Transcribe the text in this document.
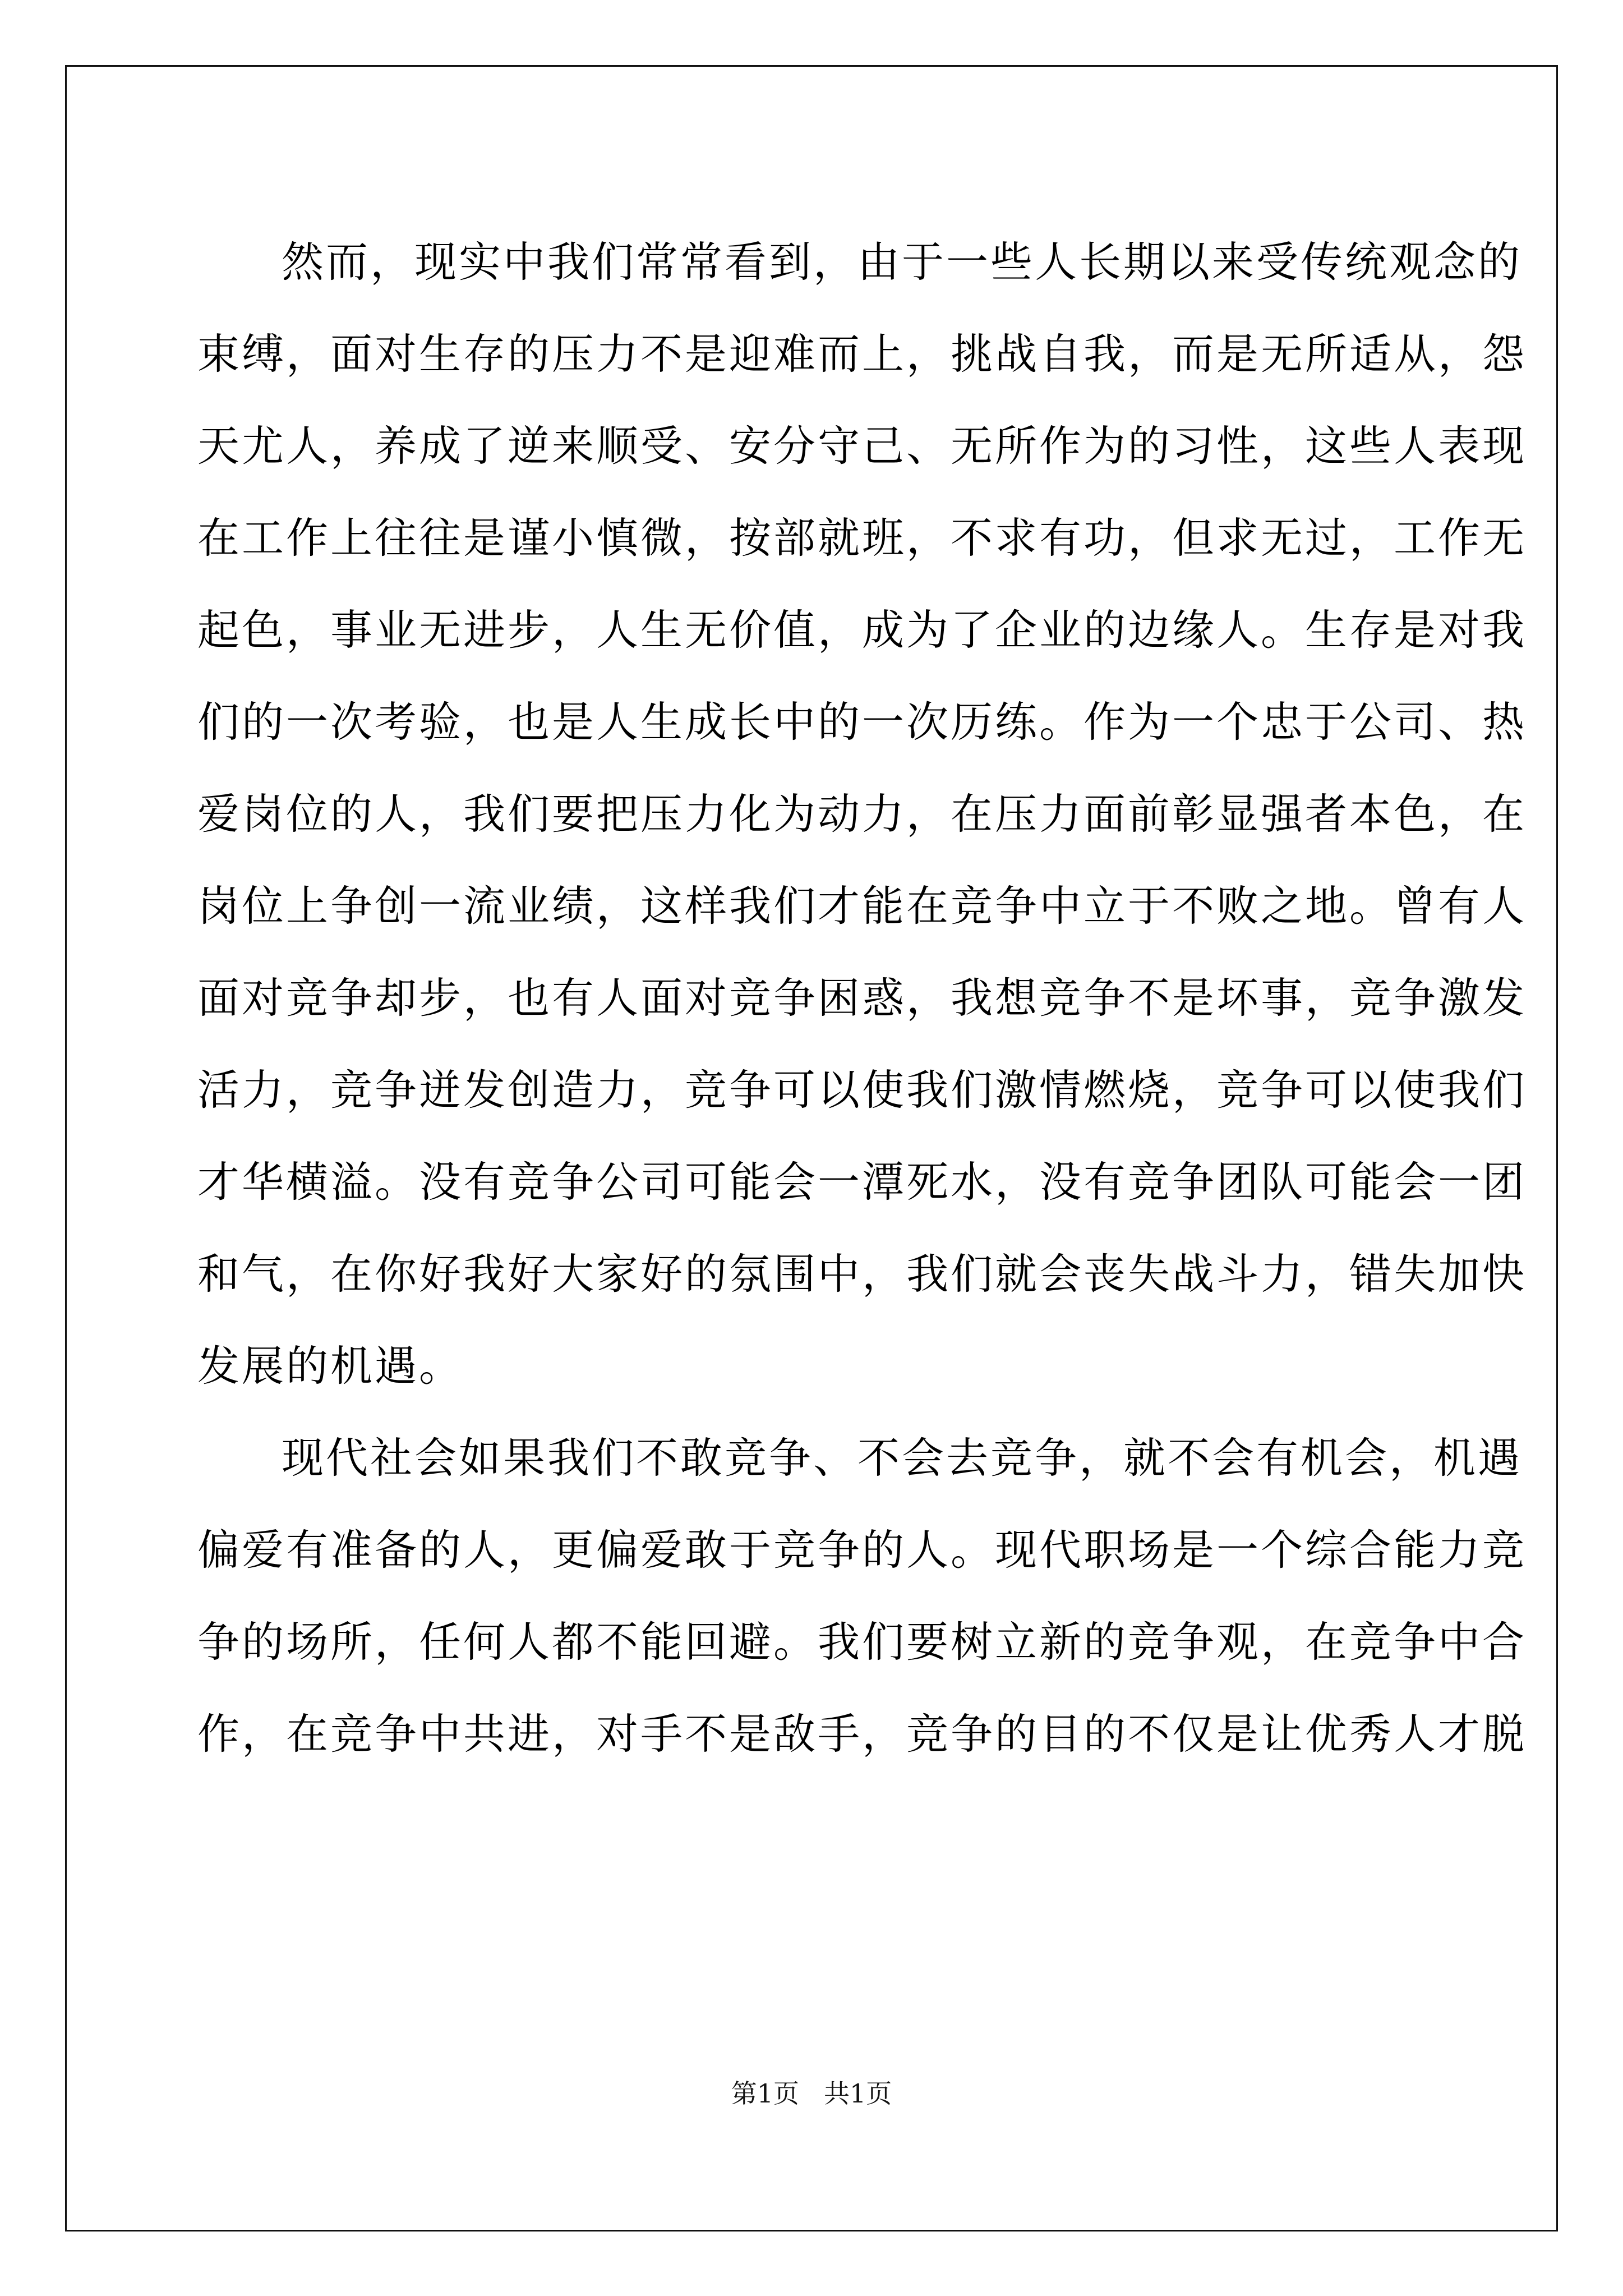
然而，现实中我们常常看到，由于一些人长期以来受传统观念的
束缚，面对生存的压力不是迎难而上，挑战自我，而是无所适从，怨
天尤人，养成了逆来顺受、安分守己、无所作为的习性，这些人表现
在工作上往往是谨小慎微，按部就班，不求有功，但求无过，工作无
起色，事业无进步，人生无价值，成为了企业的边缘人。生存是对我
们的一次考验，也是人生成长中的一次历练。作为一个忠于公司、热
爱岗位的人，我们要把压力化为动力，在压力面前彰显强者本色，在
岗位上争创一流业绩，这样我们才能在竞争中立于不败之地。曾有人
面对竞争却步，也有人面对竞争困惑，我想竞争不是坏事，竞争激发
活力，竞争迸发创造力，竞争可以使我们激情燃烧，竞争可以使我们
才华横溢。没有竞争公司可能会一潭死水，没有竞争团队可能会一团
和气，在你好我好大家好的氛围中，我们就会丧失战斗力，错失加快
发展的机遇。
现代社会如果我们不敢竞争、不会去竞争，就不会有机会，机遇
偏爱有准备的人，更偏爱敢于竞争的人。现代职场是一个综合能力竞
争的场所，任何人都不能回避。我们要树立新的竞争观，在竞争中合
作，在竞争中共进，对手不是敌手，竞争的目的不仅是让优秀人才脱
第1页 共1页
